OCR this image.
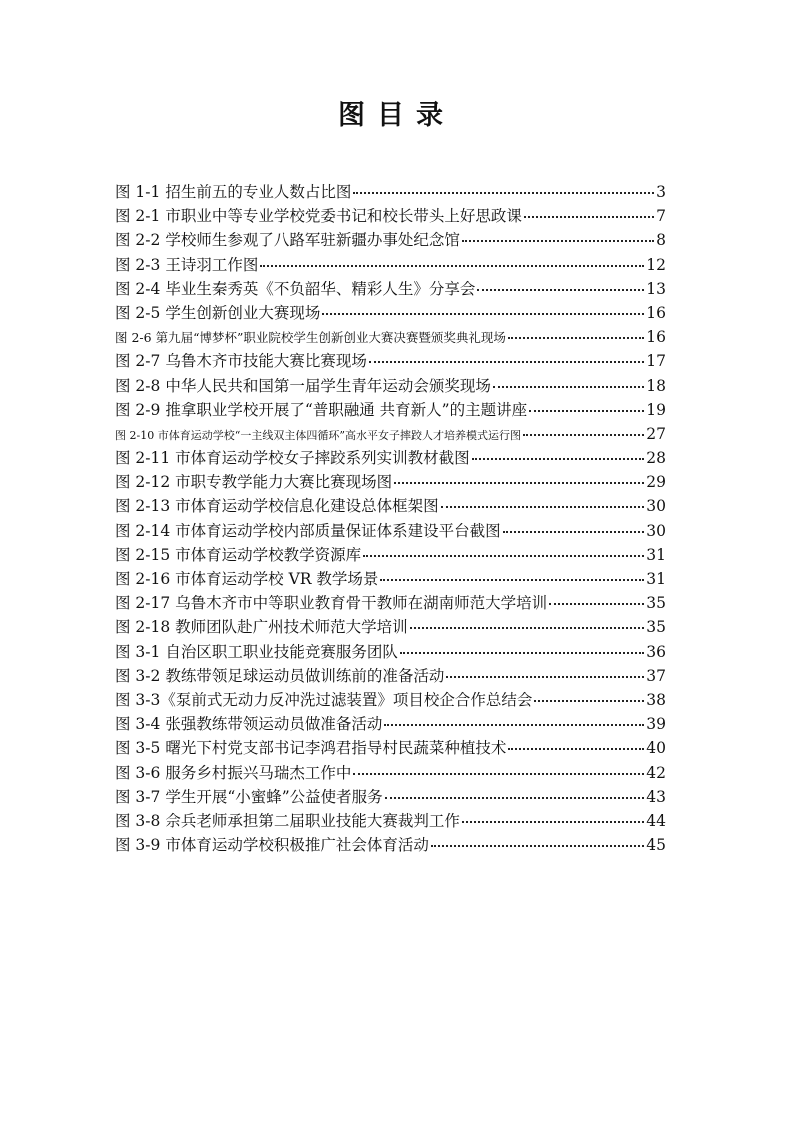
图目录
图 1-1 招生前五的专业人数占比图	3
图 2-1 市职业中等专业学校党委书记和校长带头上好思政课	7
图 2-2 学校师生参观了八路军驻新疆办事处纪念馆	8
图 2-3 王诗羽工作图	12
图 2-4 毕业生秦秀英《不负韶华、精彩人生》分享会	13
图 2-5 学生创新创业大赛现场	16
图 2-6 第九届“博梦杯”职业院校学生创新创业大赛决赛暨颁奖典礼现场	16
图 2-7 乌鲁木齐市技能大赛比赛现场	17
图 2-8 中华人民共和国第一届学生青年运动会颁奖现场	18
图 2-9 推拿职业学校开展了“普职融通 共育新人”的主题讲座	19
图 2-10 市体育运动学校“一主线双主体四循环”高水平女子摔跤人才培养模式运行图	27
图 2-11 市体育运动学校女子摔跤系列实训教材截图	28
图 2-12 市职专教学能力大赛比赛现场图	29
图 2-13 市体育运动学校信息化建设总体框架图	30
图 2-14 市体育运动学校内部质量保证体系建设平台截图	30
图 2-15 市体育运动学校教学资源库	31
图 2-16 市体育运动学校 VR 教学场景	31
图 2-17 乌鲁木齐市中等职业教育骨干教师在湖南师范大学培训	35
图 2-18 教师团队赴广州技术师范大学培训	35
图 3-1 自治区职工职业技能竞赛服务团队	36
图 3-2 教练带领足球运动员做训练前的准备活动	37
图 3-3《泵前式无动力反冲洗过滤装置》项目校企合作总结会	38
图 3-4 张强教练带领运动员做准备活动	39
图 3-5 曙光下村党支部书记李鸿君指导村民蔬菜种植技术	40
图 3-6 服务乡村振兴马瑞杰工作中	42
图 3-7 学生开展“小蜜蜂”公益使者服务	43
图 3-8 佘兵老师承担第二届职业技能大赛裁判工作	44
图 3-9 市体育运动学校积极推广社会体育活动	45
